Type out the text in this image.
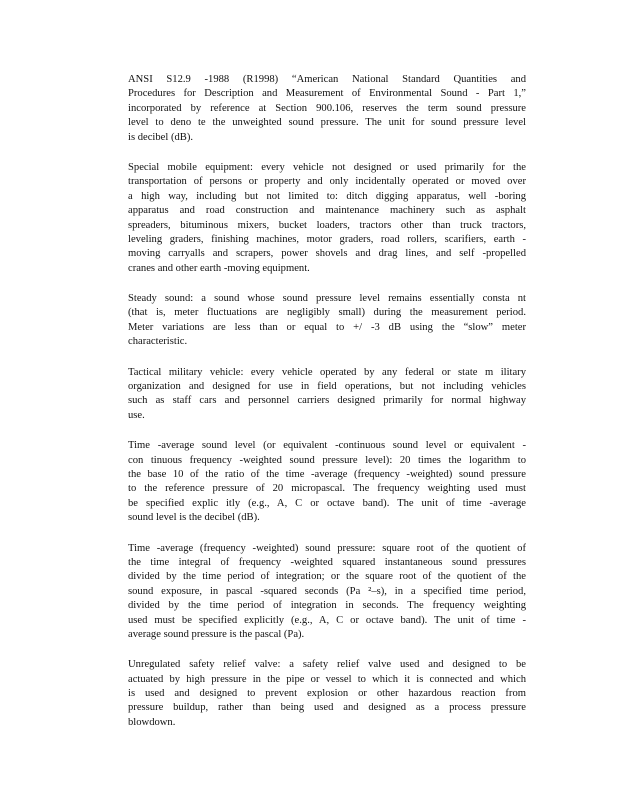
ANSI S12.9 -1988 (R1998) “American National Standard Quantities and
Procedures for Description and Measurement of Environmental Sound - Part 1,”
incorporated by reference at Section 900.106, reserves the term sound pressure
level to deno te the unweighted sound pressure. The unit for sound pressure level
is decibel (dB).
Special mobile equipment: every vehicle not designed or used primarily for the
transportation of persons or property and only incidentally operated or moved over
a high way, including but not limited to: ditch digging apparatus, well -boring
apparatus and road construction and maintenance machinery such as asphalt
spreaders, bituminous mixers, bucket loaders, tractors other than truck tractors,
leveling graders, finishing machines, motor graders, road rollers, scarifiers, earth -
moving carryalls and scrapers, power shovels and drag lines, and self -propelled
cranes and other earth -moving equipment.
Steady sound: a sound whose sound pressure level remains essentially consta nt
(that is, meter fluctuations are negligibly small) during the measurement period.
Meter variations are less than or equal to +/ -3 dB using the “slow” meter
characteristic.
Tactical military vehicle: every vehicle operated by any federal or state m ilitary
organization and designed for use in field operations, but not including vehicles
such as staff cars and personnel carriers designed primarily for normal highway
use.
Time -average sound level (or equivalent -continuous sound level or equivalent -
con tinuous frequency -weighted sound pressure level): 20 times the logarithm to
the base 10 of the ratio of the time -average (frequency -weighted) sound pressure
to the reference pressure of 20 micropascal. The frequency weighting used must
be specified explic itly (e.g., A, C or octave band). The unit of time -average
sound level is the decibel (dB).
Time -average (frequency -weighted) sound pressure: square root of the quotient of
the time integral of frequency -weighted squared instantaneous sound pressures
divided by the time period of integration; or the square root of the quotient of the
sound exposure, in pascal -squared seconds (Pa ²–s), in a specified time period,
divided by the time period of integration in seconds. The frequency weighting
used must be specified explicitly (e.g., A, C or octave band). The unit of time -
average sound pressure is the pascal (Pa).
Unregulated safety relief valve: a safety relief valve used and designed to be
actuated by high pressure in the pipe or vessel to which it is connected and which
is used and designed to prevent explosion or other hazardous reaction from
pressure buildup, rather than being used and designed as a process pressure
blowdown.
